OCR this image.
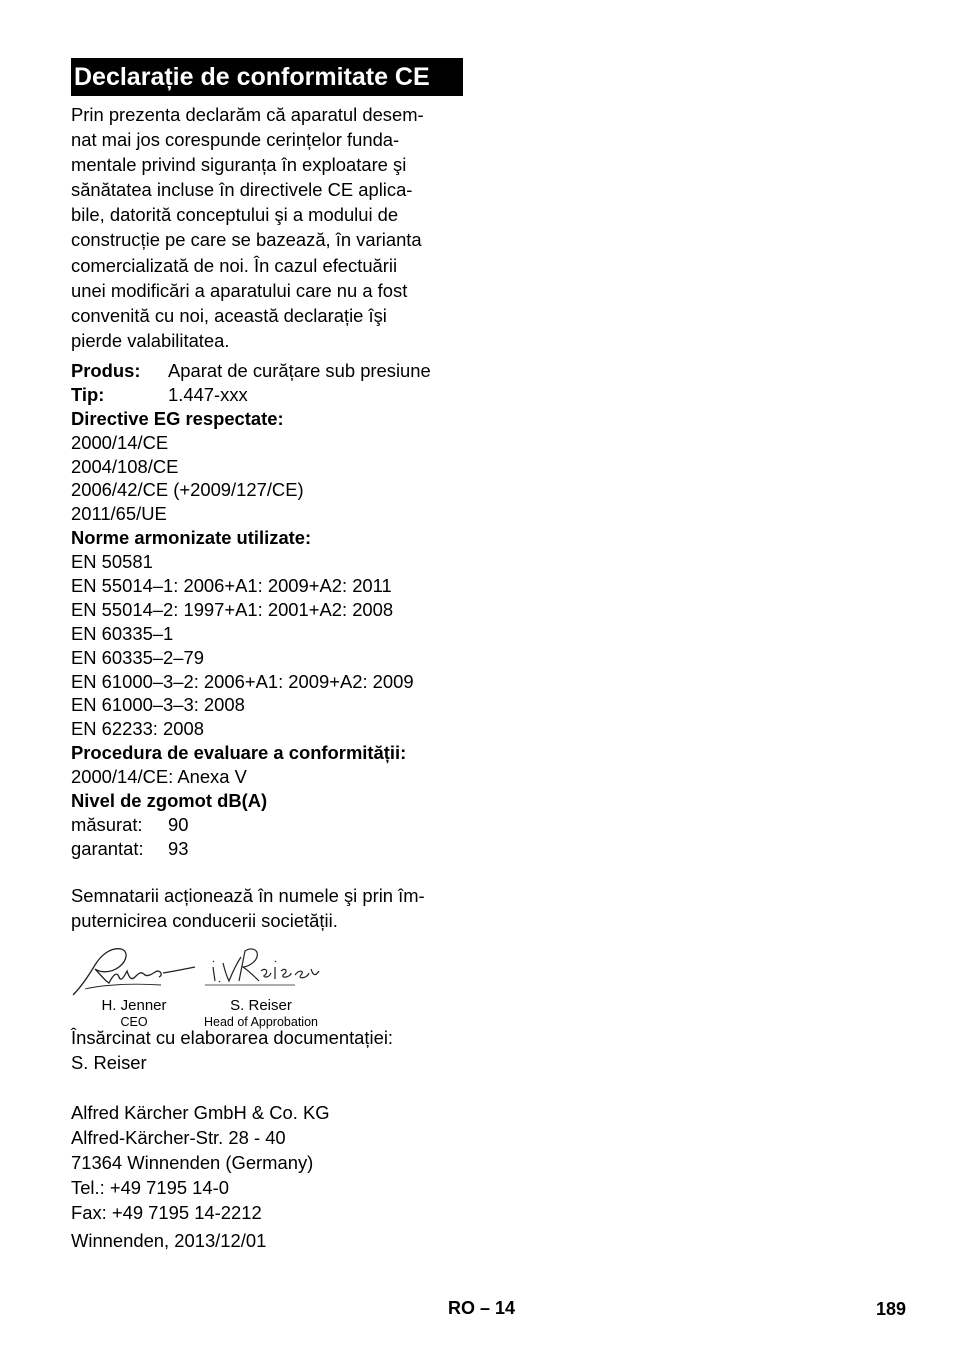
Declarație de conformitate CE
Prin prezenta declarăm că aparatul desem-
nat mai jos corespunde cerințelor funda-
mentale privind siguranța în exploatare şi
sănătatea incluse în directivele CE aplica-
bile, datorită conceptului şi a modului de
construcție pe care se bazează, în varianta
comercializată de noi. În cazul efectuării
unei modificări a aparatului care nu a fost
convenită cu noi, această declarație îşi
pierde valabilitatea.
Produs: Aparat de curățare sub presiune
Tip:	1.447-xxx
Directive EG respectate:
2000/14/CE
2004/108/CE
2006/42/CE (+2009/127/CE)
2011/65/UE
Norme armonizate utilizate:
EN 50581
EN 55014–1: 2006+A1: 2009+A2: 2011
EN 55014–2: 1997+A1: 2001+A2: 2008
EN 60335–1
EN 60335–2–79
EN 61000–3–2: 2006+A1: 2009+A2: 2009
EN 61000–3–3: 2008
EN 62233: 2008
Procedura de evaluare a conformității:
2000/14/CE: Anexa V
Nivel de zgomot dB(A)
măsurat: 90
garantat: 93
Semnatarii acționează în numele şi prin îm-
puternicirea conducerii societății.
H. Jenner
CEO
S. Reiser
Head of Approbation
Însărcinat cu elaborarea documentației:
S. Reiser
Alfred Kärcher GmbH & Co. KG
Alfred-Kärcher-Str. 28 - 40
71364 Winnenden (Germany)
Tel.: +49 7195 14-0
Fax: +49 7195 14-2212
Winnenden, 2013/12/01
RO – 14	189
